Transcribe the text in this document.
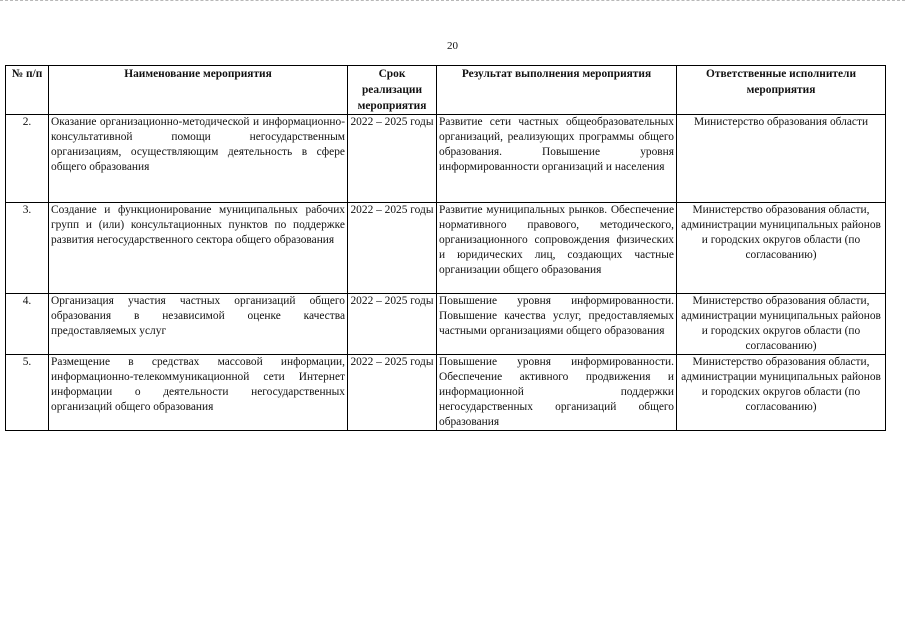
20
№ п/п	Наименование мероприятия	Срок реализации мероприятия	Результат выполнения мероприятия	Ответственные исполнители мероприятия
2.	Оказание организационно-методической и информационно-консультативной помощи негосударственным организациям, осуществляющим деятельность в сфере общего образования	2022 – 2025 годы	Развитие сети частных общеобразовательных организаций, реализующих программы общего образования. Повышение уровня информированности организаций и населения	Министерство образования области
3.	Создание и функционирование муниципальных рабочих групп и (или) консультационных пунктов по поддержке развития негосударственного сектора общего образования	2022 – 2025 годы	Развитие муниципальных рынков. Обеспечение нормативного правового, методического, организационного сопровождения физических и юридических лиц, создающих частные организации общего образования	Министерство образования области, администрации муниципальных районов и городских округов области (по согласованию)
4.	Организация участия частных организаций общего образования в независимой оценке качества предоставляемых услуг	2022 – 2025 годы	Повышение уровня информированности. Повышение качества услуг, предоставляемых частными организациями общего образования	Министерство образования области, администрации муниципальных районов и городских округов области (по согласованию)
5.	Размещение в средствах массовой информации, информационно-телекоммуникационной сети Интернет информации о деятельности негосударственных организаций общего образования	2022 – 2025 годы	Повышение уровня информированности. Обеспечение активного продвижения и информационной поддержки негосударственных организаций общего образования	Министерство образования области, администрации муниципальных районов и городских округов области (по согласованию)
